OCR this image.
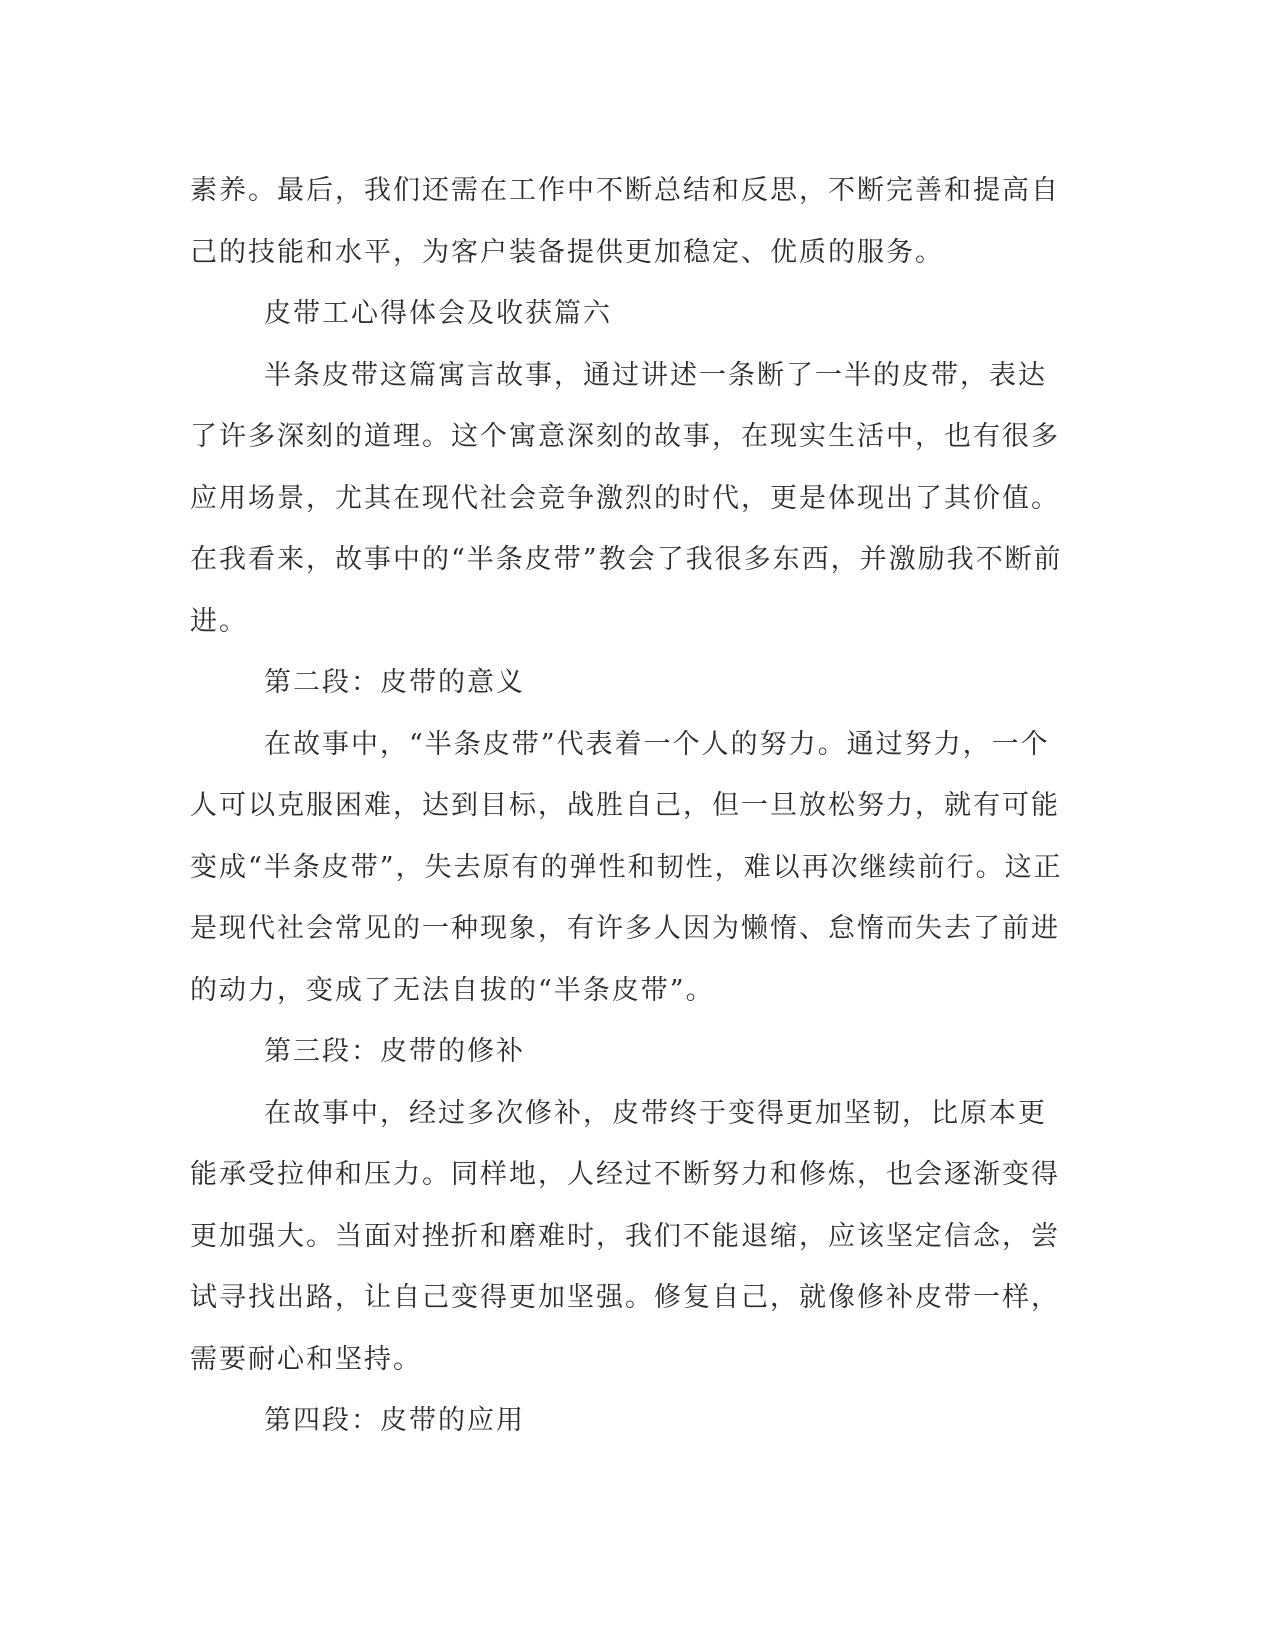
素养。最后，我们还需在工作中不断总结和反思，不断完善和提高自己的技能和水平，为客户装备提供更加稳定、优质的服务。

皮带工心得体会及收获篇六

半条皮带这篇寓言故事，通过讲述一条断了一半的皮带，表达了许多深刻的道理。这个寓意深刻的故事，在现实生活中，也有很多应用场景，尤其在现代社会竞争激烈的时代，更是体现出了其价值。在我看来，故事中的“半条皮带”教会了我很多东西，并激励我不断前进。

第二段：皮带的意义

在故事中，“半条皮带”代表着一个人的努力。通过努力，一个人可以克服困难，达到目标，战胜自己，但一旦放松努力，就有可能变成“半条皮带”，失去原有的弹性和韧性，难以再次继续前行。这正是现代社会常见的一种现象，有许多人因为懒惰、怠惰而失去了前进的动力，变成了无法自拔的“半条皮带”。

第三段：皮带的修补

在故事中，经过多次修补，皮带终于变得更加坚韧，比原本更能承受拉伸和压力。同样地，人经过不断努力和修炼，也会逐渐变得更加强大。当面对挫折和磨难时，我们不能退缩，应该坚定信念，尝试寻找出路，让自己变得更加坚强。修复自己，就像修补皮带一样，需要耐心和坚持。

第四段：皮带的应用
